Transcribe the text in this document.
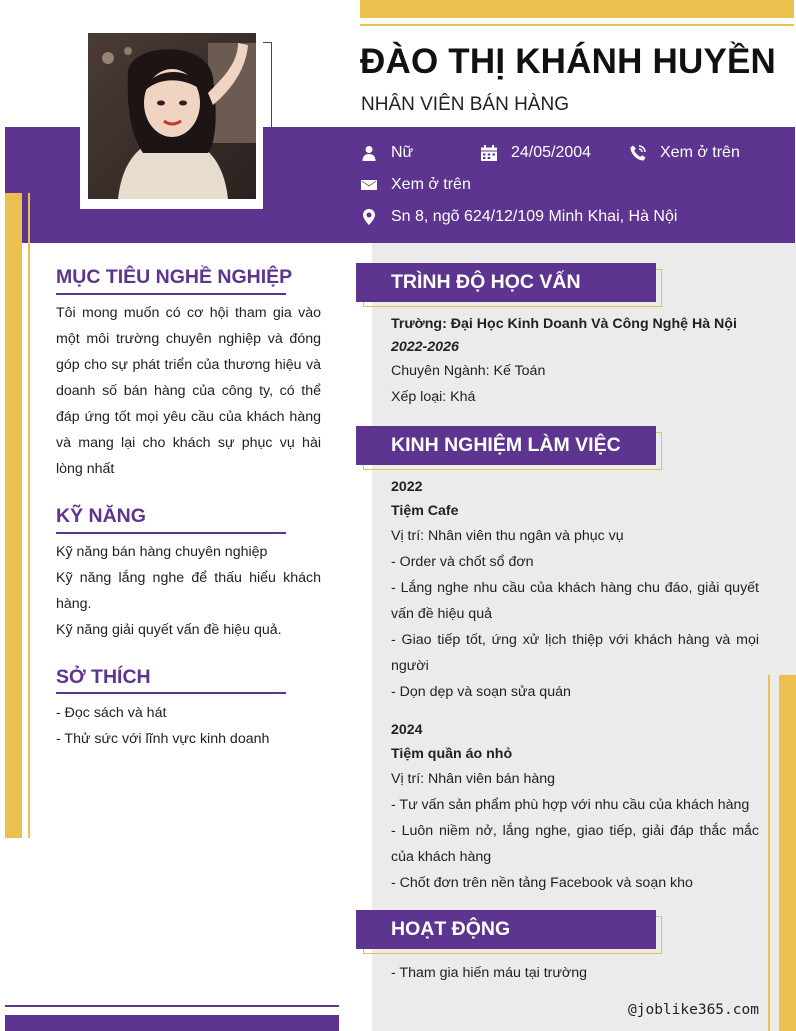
ĐÀO THỊ KHÁNH HUYỀN
NHÂN VIÊN BÁN HÀNG
Nữ	24/05/2004	Xem ở trên
Xem ở trên
Sn 8, ngõ 624/12/109 Minh Khai, Hà Nội
MỤC TIÊU NGHỀ NGHIỆP
Tôi mong muốn có cơ hội tham gia vào một môi trường chuyên nghiệp và đóng góp cho sự phát triển của thương hiệu và doanh số bán hàng của công ty, có thể đáp ứng tốt mọi yêu cầu của khách hàng và mang lại cho khách sự phục vụ hài lòng nhất
KỸ NĂNG
Kỹ năng bán hàng chuyên nghiệp
Kỹ năng lắng nghe để thấu hiểu khách hàng.
Kỹ năng giải quyết vấn đề hiệu quả.
SỞ THÍCH
- Đọc sách và hát
- Thử sức với lĩnh vực kinh doanh
TRÌNH ĐỘ HỌC VẤN
Trường: Đại Học Kinh Doanh Và Công Nghệ Hà Nội
2022-2026
Chuyên Ngành: Kế Toán
Xếp loại: Khá
KINH NGHIỆM LÀM VIỆC
2022
Tiệm Cafe
Vị trí: Nhân viên thu ngân và phục vụ
- Order và chốt sổ đơn
- Lắng nghe nhu cầu của khách hàng chu đáo, giải quyết vấn đề hiệu quả
- Giao tiếp tốt, ứng xử lịch thiệp với khách hàng và mọi người
- Dọn dẹp và soạn sửa quán
2024
Tiệm quần áo nhỏ
Vị trí: Nhân viên bán hàng
- Tư vấn sản phẩm phù hợp với nhu cầu của khách hàng
- Luôn niềm nở, lắng nghe, giao tiếp, giải đáp thắc mắc của khách hàng
- Chốt đơn trên nền tảng Facebook và soạn kho
HOẠT ĐỘNG
- Tham gia hiến máu tại trường
@joblike365.com
